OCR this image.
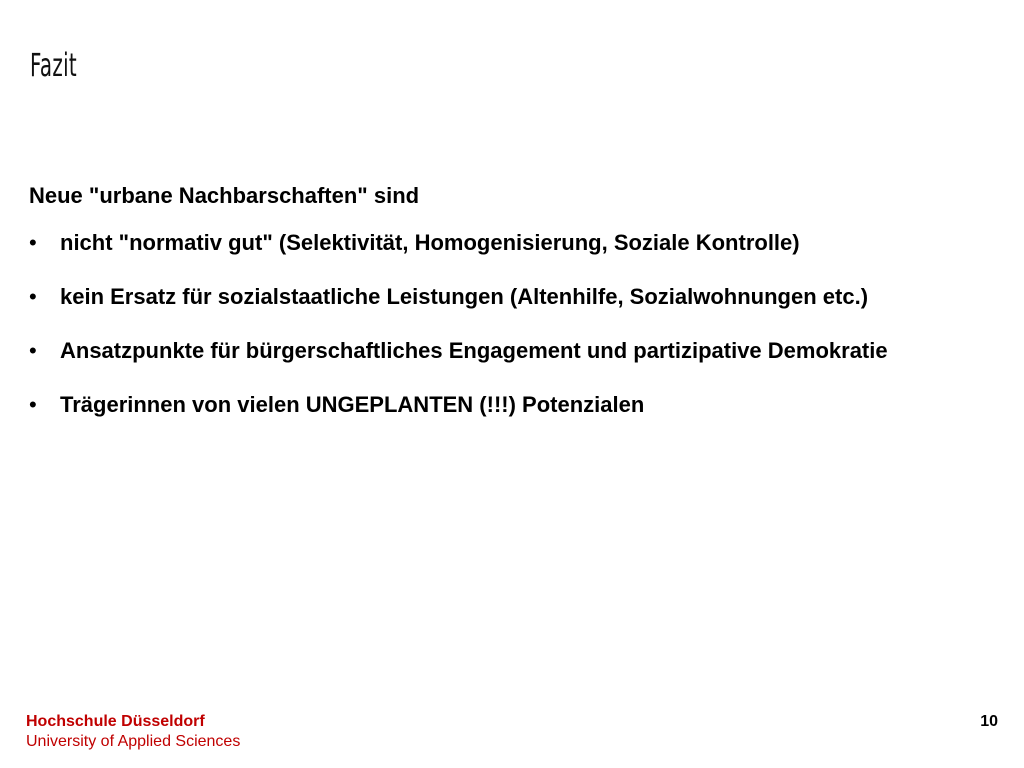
Fazit

Neue "urbane Nachbarschaften" sind

• nicht "normativ gut" (Selektivität, Homogenisierung, Soziale Kontrolle)
• kein Ersatz für sozialstaatliche Leistungen (Altenhilfe, Sozialwohnungen etc.)
• Ansatzpunkte für bürgerschaftliches Engagement und partizipative Demokratie
• Trägerinnen von vielen UNGEPLANTEN (!!!) Potenzialen
Hochschule Düsseldorf
University of Applied Sciences
10
